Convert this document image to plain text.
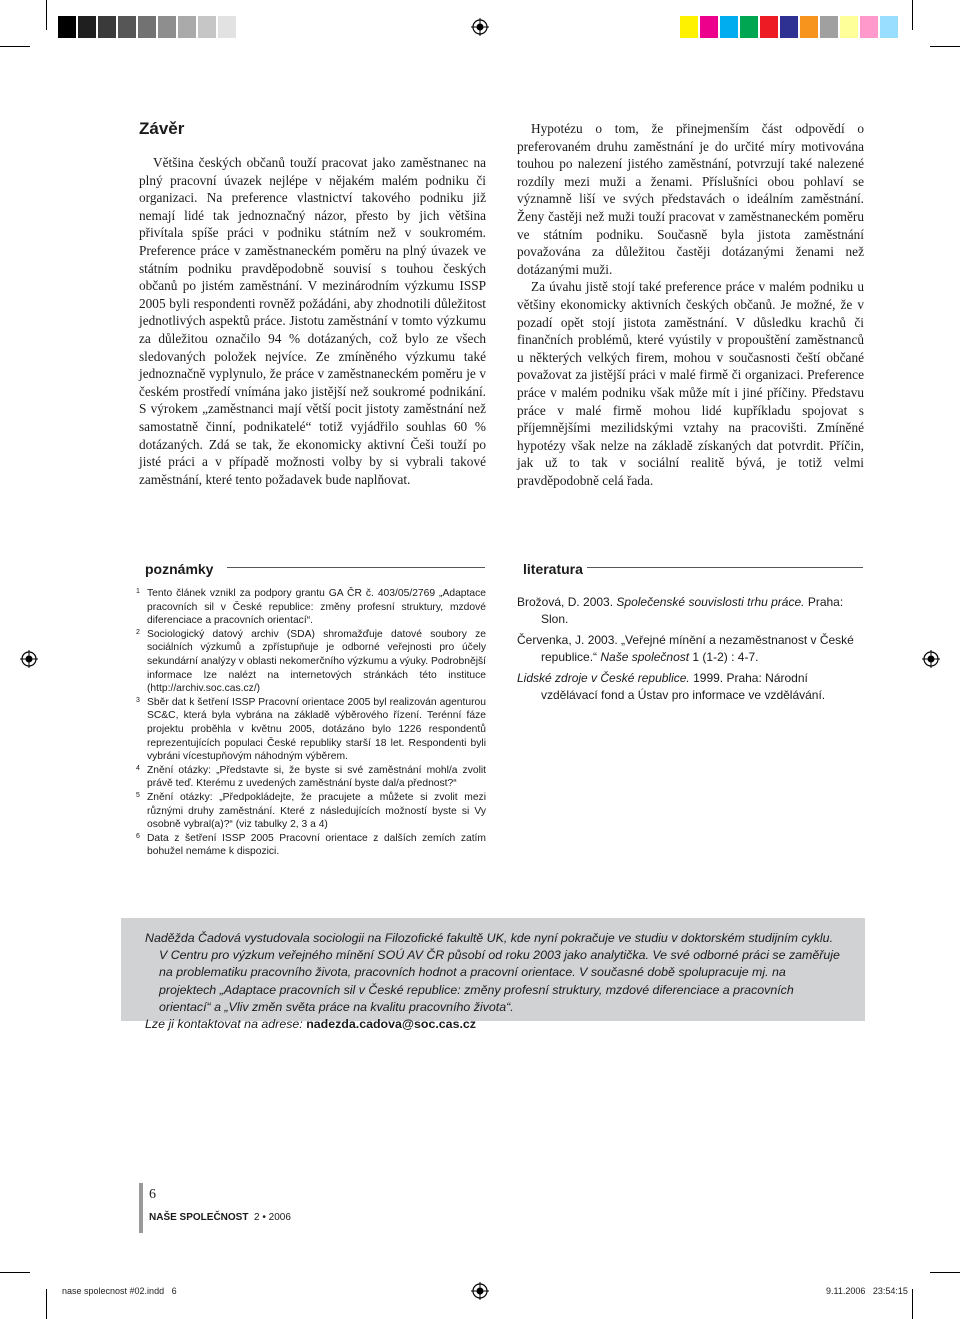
Závěr

Většina českých občanů touží pracovat jako zaměstnanec na plný pracovní úvazek nejlépe v nějakém malém podniku či organizaci. Na preference vlastnictví takového podniku již nemají lidé tak jednoznačný názor, přesto by jich většina přivítala spíše práci v podniku státním než v soukromém. Preference práce v zaměstnaneckém poměru na plný úvazek ve státním podniku pravděpodobně souvisí s touhou českých občanů po jistém zaměstnání. V mezinárodním výzkumu ISSP 2005 byli respondenti rovněž požádáni, aby zhodnotili důležitost jednotlivých aspektů práce. Jistotu zaměstnání v tomto výzkumu za důležitou označilo 94 % dotázaných, což bylo ze všech sledovaných položek nejvíce. Ze zmíněného výzkumu také jednoznačně vyplynulo, že práce v zaměstnaneckém poměru je v českém prostředí vnímána jako jistější než soukromé podnikání. S výrokem „zaměstnanci mají větší pocit jistoty zaměstnání než samostatně činní, podnikatelé“ totiž vyjádřilo souhlas 60 % dotázaných. Zdá se tak, že ekonomicky aktivní Češi touží po jisté práci a v případě možnosti volby by si vybrali takové zaměstnání, které tento požadavek bude naplňovat.

Hypotézu o tom, že přinejmenším část odpovědí o preferovaném druhu zaměstnání je do určité míry motivována touhou po nalezení jistého zaměstnání, potvrzují také nalezené rozdíly mezi muži a ženami. Příslušníci obou pohlaví se významně liší ve svých představách o ideálním zaměstnání. Ženy častěji než muži touží pracovat v zaměstnaneckém poměru ve státním podniku. Současně byla jistota zaměstnání považována za důležitou častěji dotázanými ženami než dotázanými muži.

Za úvahu jistě stojí také preference práce v malém podniku u většiny ekonomicky aktivních českých občanů. Je možné, že v pozadí opět stojí jistota zaměstnání. V důsledku krachů či finančních problémů, které vyústily v propouštění zaměstnanců u některých velkých firem, mohou v současnosti čeští občané považovat za jistější práci v malé firmě či organizaci. Preference práce v malém podniku však může mít i jiné příčiny. Představu práce v malé firmě mohou lidé kupříkladu spojovat s příjemnějšími mezilidskými vztahy na pracovišti. Zmíněné hypotézy však nelze na základě získaných dat potvrdit. Příčin, jak už to tak v sociální realitě bývá, je totiž velmi pravděpodobně celá řada.

poznámky	literatura

1 Tento článek vznikl za podpory grantu GA ČR č. 403/05/2769 „Adaptace pracovních sil v České republice: změny profesní struktury, mzdové diferenciace a pracovních orientací“.

2 Sociologický datový archiv (SDA) shromažďuje datové soubory ze sociálních výzkumů a zpřístupňuje je odborné veřejnosti pro účely sekundární analýzy v oblasti nekomerčního výzkumu a výuky. Podrobnější informace lze nalézt na internetových stránkách této instituce (http://archiv.soc.cas.cz/)

3 Sběr dat k šetření ISSP Pracovní orientace 2005 byl realizován agenturou SC&C, která byla vybrána na základě výběrového řízení. Terénní fáze projektu proběhla v květnu 2005, dotázáno bylo 1226 respondentů reprezentujících populaci České republiky starší 18 let. Respondenti byli vybráni vícestupňovým náhodným výběrem.

4 Znění otázky: „Představte si, že byste si své zaměstnání mohl/a zvolit právě teď. Kterému z uvedených zaměstnání byste dal/a přednost?“

5 Znění otázky: „Předpokládejte, že pracujete a můžete si zvolit mezi různými druhy zaměstnání. Které z následujících možností byste si Vy osobně vybral(a)?“ (viz tabulky 2, 3 a 4)

6 Data z šetření ISSP 2005 Pracovní orientace z dalších zemích zatím bohužel nemáme k dispozici.

Brožová, D. 2003. Společenské souvislosti trhu práce. Praha: Slon.

Červenka, J. 2003. „Veřejné mínění a nezaměstnanost v České republice.“ Naše společnost 1 (1-2) : 4-7.

Lidské zdroje v České republice. 1999. Praha: Národní vzdělávací fond a Ústav pro informace ve vzdělávání.

Naděžda Čadová vystudovala sociologii na Filozofické fakultě UK, kde nyní pokračuje ve studiu v doktorském studijním cyklu. V Centru pro výzkum veřejného mínění SOÚ AV ČR působí od roku 2003 jako analytička. Ve své odborné práci se zaměřuje na problematiku pracovního života, pracovních hodnot a pracovní orientace. V současné době spolupracuje mj. na projektech „Adaptace pracovních sil v České republice: změny profesní struktury, mzdové diferenciace a pracovních orientací“ a „Vliv změn světa práce na kvalitu pracovního života“.

Lze ji kontaktovat na adrese: nadezda.cadova@soc.cas.cz

6
NAŠE SPOLEČNOST 2 • 2006
nase spolecnost #02.indd   6	9.11.2006   23:54:15
